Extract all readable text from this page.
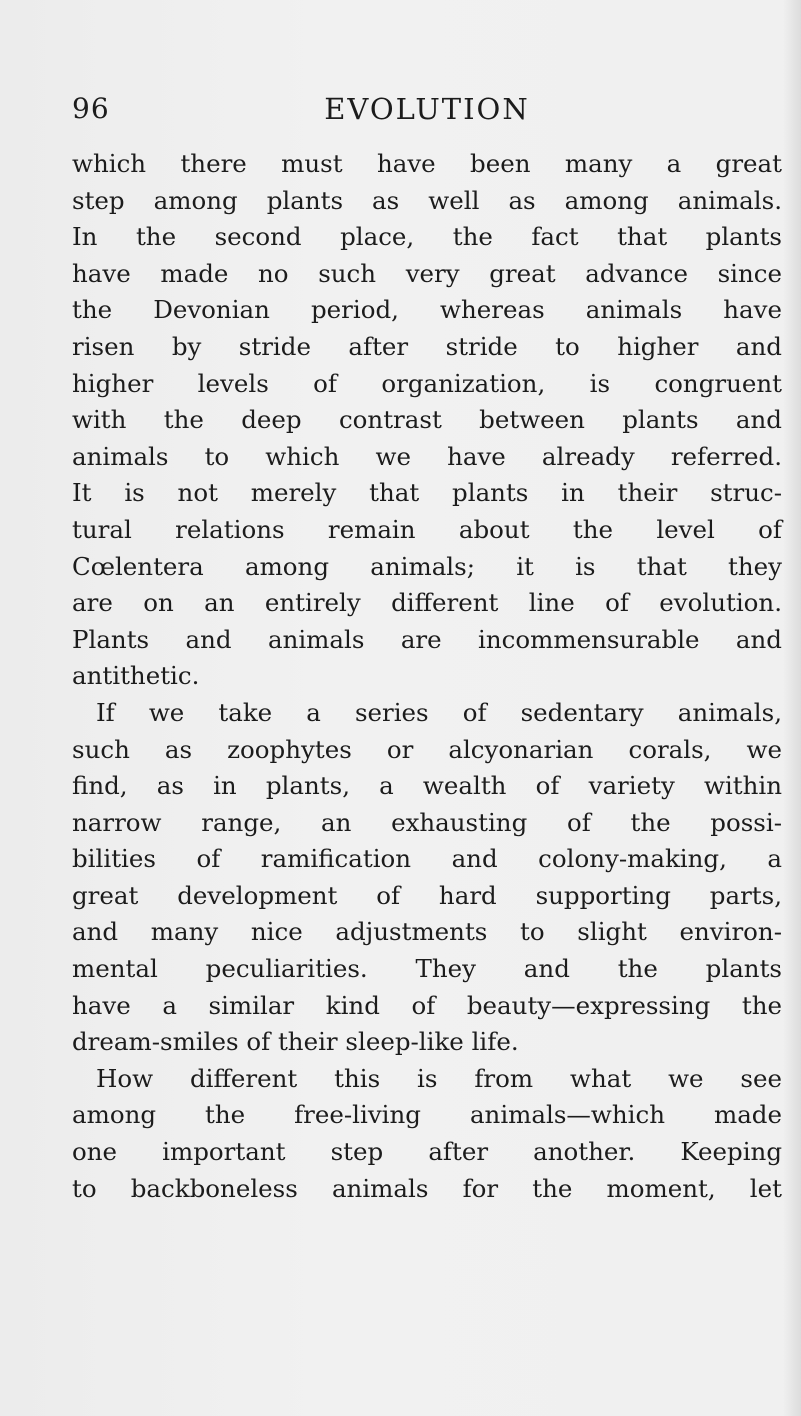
96	EVOLUTION
which there must have been many a great
step among plants as well as among animals.
In the second place, the fact that plants
have made no such very great advance since
the Devonian period, whereas animals have
risen by stride after stride to higher and
higher levels of organization, is congruent
with the deep contrast between plants and
animals to which we have already referred.
It is not merely that plants in their struc-
tural relations remain about the level of
Cœlentera among animals; it is that they
are on an entirely different line of evolution.
Plants and animals are incommensurable and
antithetic.
If we take a series of sedentary animals,
such as zoophytes or alcyonarian corals, we
find, as in plants, a wealth of variety within
narrow range, an exhausting of the possi-
bilities of ramification and colony-making, a
great development of hard supporting parts,
and many nice adjustments to slight environ-
mental peculiarities. They and the plants
have a similar kind of beauty—expressing the
dream-smiles of their sleep-like life.
How different this is from what we see
among the free-living animals—which made
one important step after another. Keeping
to backboneless animals for the moment, let
